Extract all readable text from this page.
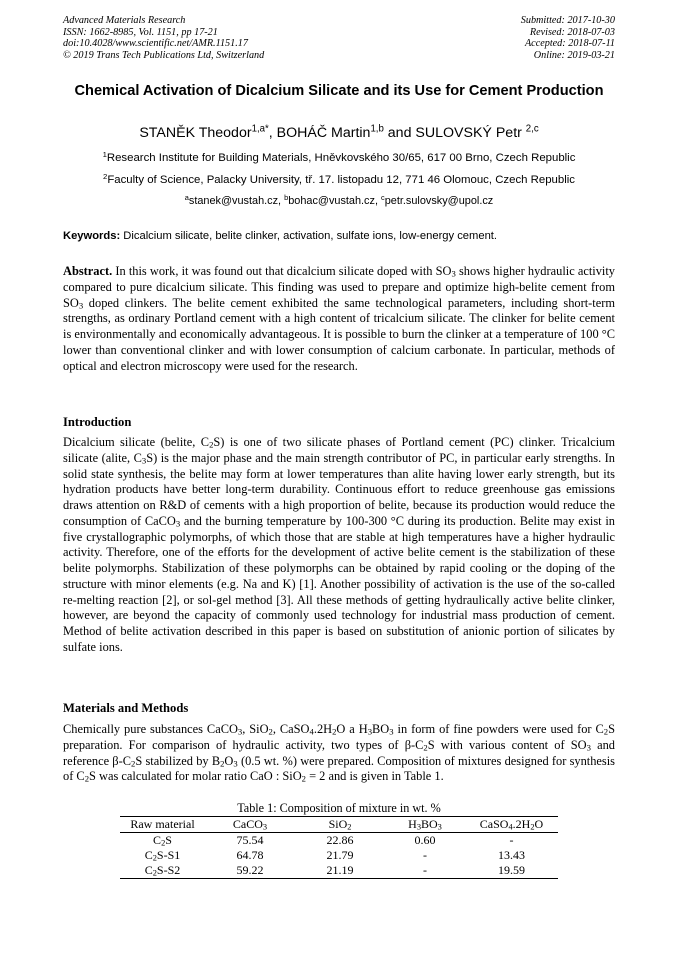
Advanced Materials Research
ISSN: 1662-8985, Vol. 1151, pp 17-21
doi:10.4028/www.scientific.net/AMR.1151.17
© 2019 Trans Tech Publications Ltd, Switzerland
Submitted: 2017-10-30
Revised: 2018-07-03
Accepted: 2018-07-11
Online: 2019-03-21
Chemical Activation of Dicalcium Silicate and its Use for Cement Production
STANĚK Theodor$^{1,a*}$, BOHÁČ Martin$^{1,b}$ and SULOVSKÝ Petr $^{2,c}$
$^1$Research Institute for Building Materials, Hněvkovského 30/65, 617 00 Brno, Czech Republic
$^2$Faculty of Science, Palacky University, tř. 17. listopadu 12, 771 46 Olomouc, Czech Republic
$^a$stanek@vustah.cz, $^b$bohac@vustah.cz, $^c$petr.sulovsky@upol.cz
Keywords: Dicalcium silicate, belite clinker, activation, sulfate ions, low-energy cement.
Abstract. In this work, it was found out that dicalcium silicate doped with $SO_3$ shows higher hydraulic activity compared to pure dicalcium silicate. This finding was used to prepare and optimize high-belite cement from $SO_3$ doped clinkers. The belite cement exhibited the same technological parameters, including short-term strengths, as ordinary Portland cement with a high content of tricalcium silicate. The clinker for belite cement is environmentally and economically advantageous. It is possible to burn the clinker at a temperature of 100 °C lower than conventional clinker and with lower consumption of calcium carbonate. In particular, methods of optical and electron microscopy were used for the research.
Introduction
Dicalcium silicate (belite, $C_2S$) is one of two silicate phases of Portland cement (PC) clinker. Tricalcium silicate (alite, $C_3S$) is the major phase and the main strength contributor of PC, in particular early strengths. In solid state synthesis, the belite may form at lower temperatures than alite having lower early strength, but its hydration products have better long-term durability. Continuous effort to reduce greenhouse gas emissions draws attention on R&D of cements with a high proportion of belite, because its production would reduce the consumption of CaCO$_3$ and the burning temperature by 100-300 °C during its production. Belite may exist in five crystallographic polymorphs, of which those that are stable at high temperatures have a higher hydraulic activity. Therefore, one of the efforts for the development of active belite cement is the stabilization of these belite polymorphs. Stabilization of these polymorphs can be obtained by rapid cooling or the doping of the structure with minor elements (e.g. Na and K) [1]. Another possibility of activation is the use of the so-called re-melting reaction [2], or sol-gel method [3]. All these methods of getting hydraulically active belite clinker, however, are beyond the capacity of commonly used technology for industrial mass production of cement. Method of belite activation described in this paper is based on substitution of anionic portion of silicates by sulfate ions.
Materials and Methods
Chemically pure substances CaCO$_3$, SiO$_2$, $CaSO_4.2H_2O$ a $H_3BO_3$ in form of fine powders were used for $C_2S$ preparation. For comparison of hydraulic activity, two types of $\beta-C_2S$ with various content of $SO_3$ and reference $\beta-C_2S$ stabilized by $B_2O_3$ (0.5 wt. %) were prepared. Composition of mixtures designed for synthesis of $C_2S$ was calculated for molar ratio CaO : SiO$_2$ = 2 and is given in Table 1.
Table 1: Composition of mixture in wt. %
Raw material	CaCO$_3$	SiO$_2$	$H_3BO_3$	$CaSO_4.2H_2O$
$C_2S$	75.54	22.86	0.60	-
$C_2S-S1$	64.78	21.79	-	13.43
$C_2S-S2$	59.22	21.19	-	19.59
